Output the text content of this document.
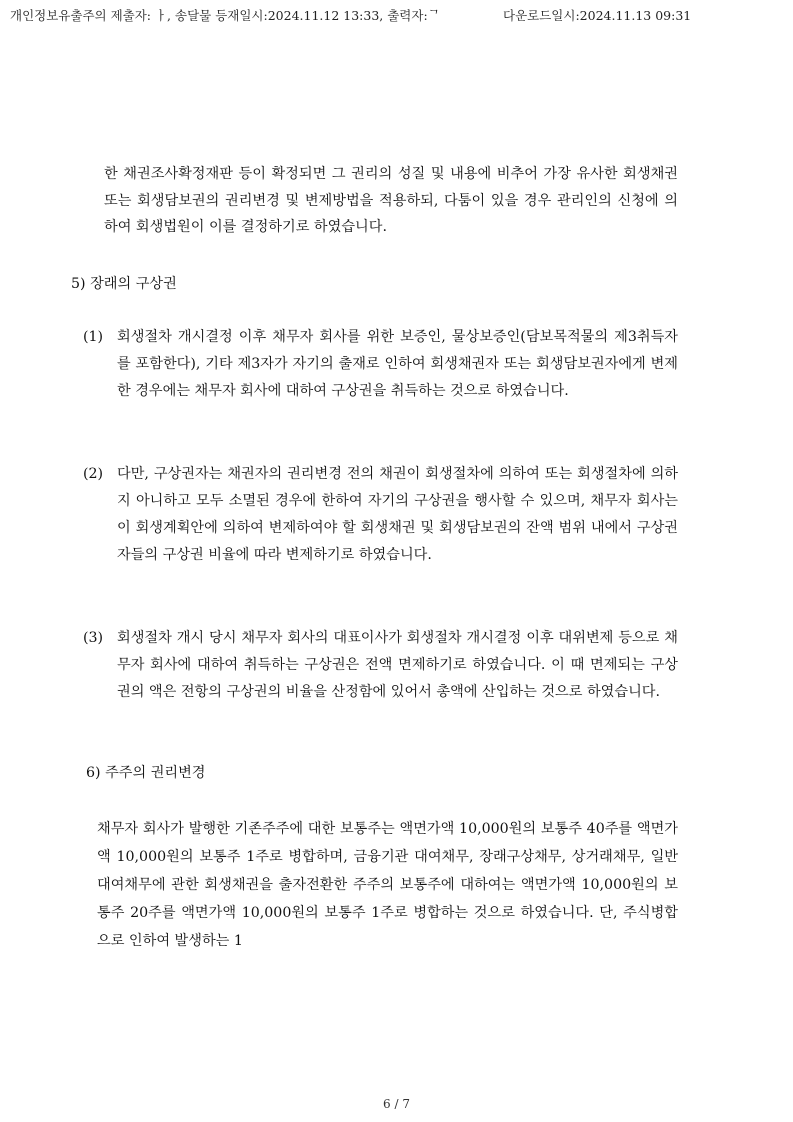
개인정보유출주의 제출자: ㅏ, 송달물 등재일시:2024.11.12 13:33, 출력자:ᄀ	다운로드일시:2024.11.13 09:31

한 채권조사확정재판 등이 확정되면 그 권리의 성질 및 내용에 비추어 가장 유사한 회생채권 또는 회생담보권의 권리변경 및 변제방법을 적용하되, 다툼이 있을 경우 관리인의 신청에 의하여 회생법원이 이를 결정하기로 하였습니다.
5) 장래의 구상권
(1) 회생절차 개시결정 이후 채무자 회사를 위한 보증인, 물상보증인(담보목적물의 제3취득자를 포함한다), 기타 제3자가 자기의 출재로 인하여 회생채권자 또는 회생담보권자에게 변제한 경우에는 채무자 회사에 대하여 구상권을 취득하는 것으로 하였습니다.
(2) 다만, 구상권자는 채권자의 권리변경 전의 채권이 회생절차에 의하여 또는 회생절차에 의하지 아니하고 모두 소멸된 경우에 한하여 자기의 구상권을 행사할 수 있으며, 채무자 회사는 이 회생계획안에 의하여 변제하여야 할 회생채권 및 회생담보권의 잔액 범위 내에서 구상권자들의 구상권 비율에 따라 변제하기로 하였습니다.
(3) 회생절차 개시 당시 채무자 회사의 대표이사가 회생절차 개시결정 이후 대위변제 등으로 채무자 회사에 대하여 취득하는 구상권은 전액 면제하기로 하였습니다. 이 때 면제되는 구상권의 액은 전항의 구상권의 비율을 산정함에 있어서 총액에 산입하는 것으로 하였습니다.
6) 주주의 권리변경
채무자 회사가 발행한 기존주주에 대한 보통주는 액면가액 10,000원의 보통주 40주를 액면가액 10,000원의 보통주 1주로 병합하며, 금융기관 대여채무, 장래구상채무, 상거래채무, 일반대여채무에 관한 회생채권을 출자전환한 주주의 보통주에 대하여는 액면가액 10,000원의 보통주 20주를 액면가액 10,000원의 보통주 1주로 병합하는 것으로 하였습니다. 단, 주식병합으로 인하여 발생하는 1
6 / 7
